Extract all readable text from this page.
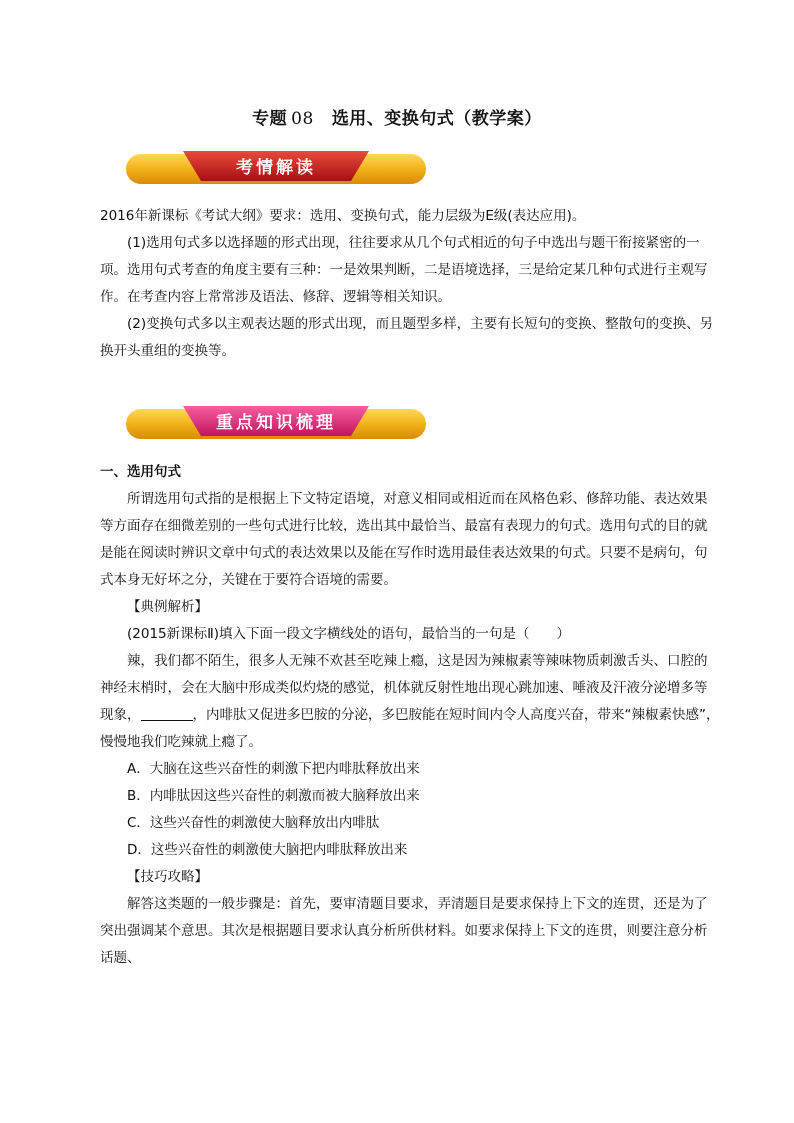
专题 08 选用、变换句式（教学案）
考情解读

2016年新课标《考试大纲》要求：选用、变换句式，能力层级为E级(表达应用)。

(1)选用句式多以选择题的形式出现，往往要求从几个句式相近的句子中选出与题干衔接紧密的一项。选用句式考查的角度主要有三种：一是效果判断，二是语境选择，三是给定某几种句式进行主观写作。在考查内容上常常涉及语法、修辞、逻辑等相关知识。

(2)变换句式多以主观表达题的形式出现，而且题型多样，主要有长短句的变换、整散句的变换、另换开头重组的变换等。

重点知识梳理

一、选用句式

所谓选用句式指的是根据上下文特定语境，对意义相同或相近而在风格色彩、修辞功能、表达效果等方面存在细微差别的一些句式进行比较，选出其中最恰当、最富有表现力的句式。选用句式的目的就是能在阅读时辨识文章中句式的表达效果以及能在写作时选用最佳表达效果的句式。只要不是病句，句式本身无好坏之分，关键在于要符合语境的需要。

【典例解析】

(2015新课标Ⅱ)填入下面一段文字横线处的语句，最恰当的一句是（　　）

辣，我们都不陌生，很多人无辣不欢甚至吃辣上瘾，这是因为辣椒素等辣味物质刺激舌头、口腔的神经末梢时，会在大脑中形成类似灼烧的感觉，机体就反射性地出现心跳加速、唾液及汗液分泌增多等现象，	，内啡肽又促进多巴胺的分泌，多巴胺能在短时间内令人高度兴奋，带来“辣椒素快感”，慢慢地我们吃辣就上瘾了。

A．大脑在这些兴奋性的刺激下把内啡肽释放出来

B．内啡肽因这些兴奋性的刺激而被大脑释放出来

C．这些兴奋性的刺激使大脑释放出内啡肽

D．这些兴奋性的刺激使大脑把内啡肽释放出来

【技巧攻略】

解答这类题的一般步骤是：首先，要审清题目要求，弄清题目是要求保持上下文的连贯，还是为了突出强调某个意思。其次是根据题目要求认真分析所供材料。如要求保持上下文的连贯，则要注意分析话题、
